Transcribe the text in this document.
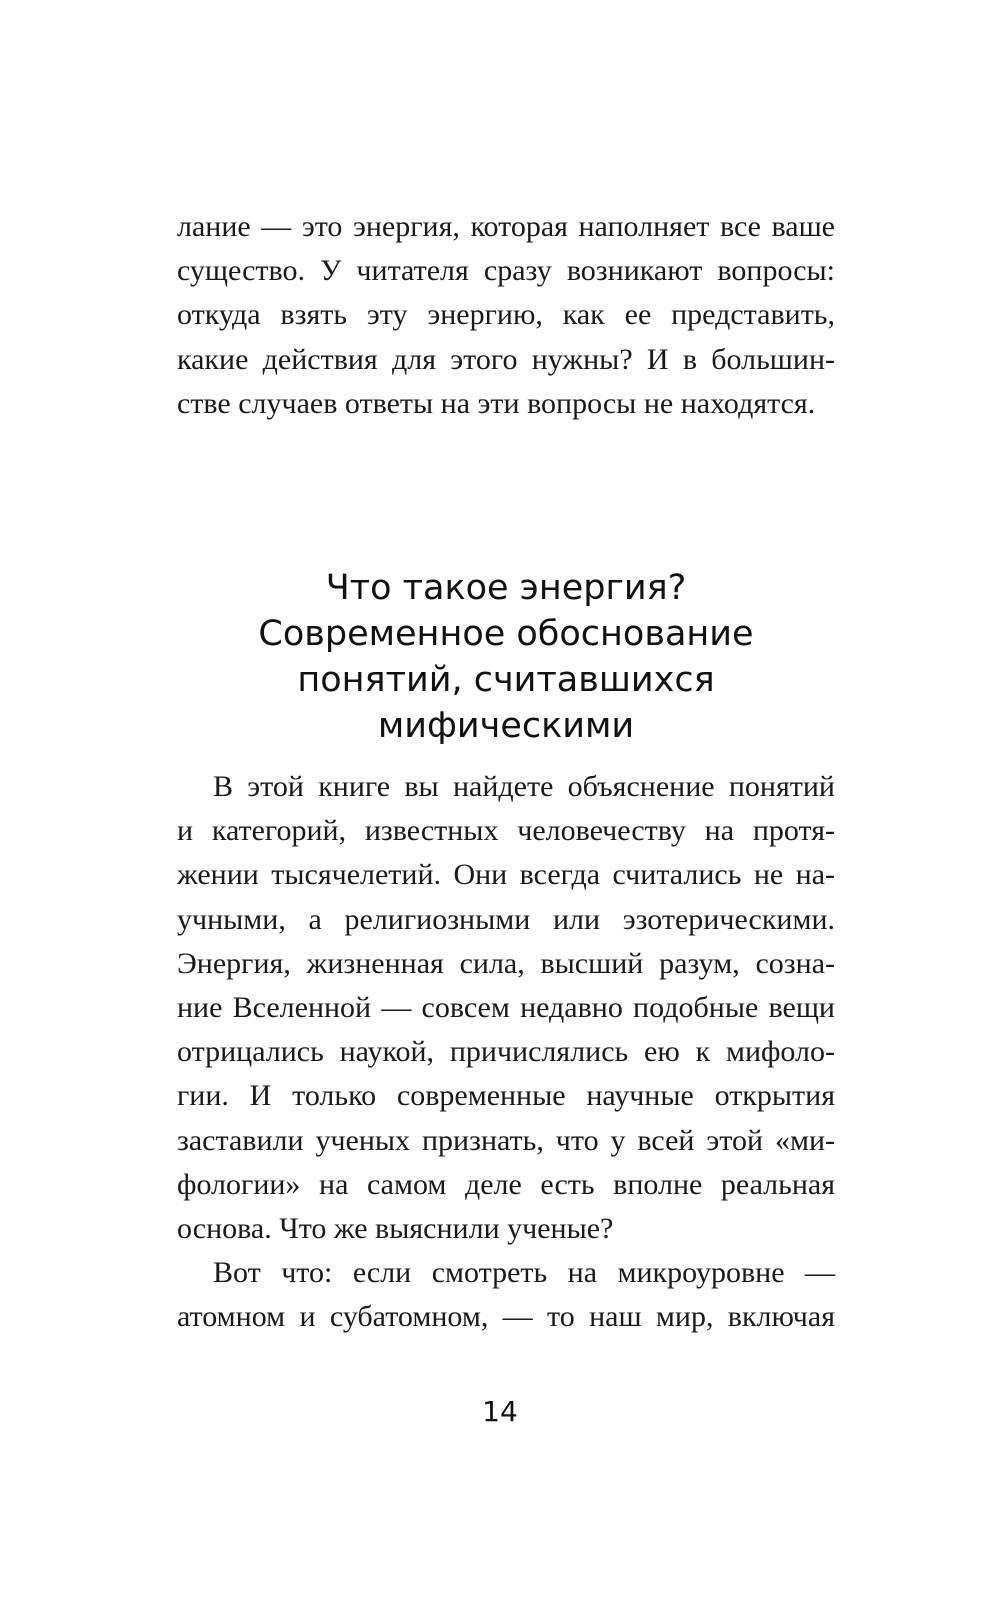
лание — это энергия, которая наполняет все ваше
существо. У читателя сразу возникают вопросы:
откуда взять эту энергию, как ее представить,
какие действия для этого нужны? И в большин-
стве случаев ответы на эти вопросы не находятся.
Что такое энергия?
Современное обоснование
понятий, считавшихся
мифическими
В этой книге вы найдете объяснение понятий
и категорий, известных человечеству на протя-
жении тысячелетий. Они всегда считались не на-
учными, а религиозными или эзотерическими.
Энергия, жизненная сила, высший разум, созна-
ние Вселенной — совсем недавно подобные вещи
отрицались наукой, причислялись ею к мифоло-
гии. И только современные научные открытия
заставили ученых признать, что у всей этой «ми-
фологии» на самом деле есть вполне реальная
основа. Что же выяснили ученые?
Вот что: если смотреть на микроуровне —
атомном и субатомном, — то наш мир, включая
14
